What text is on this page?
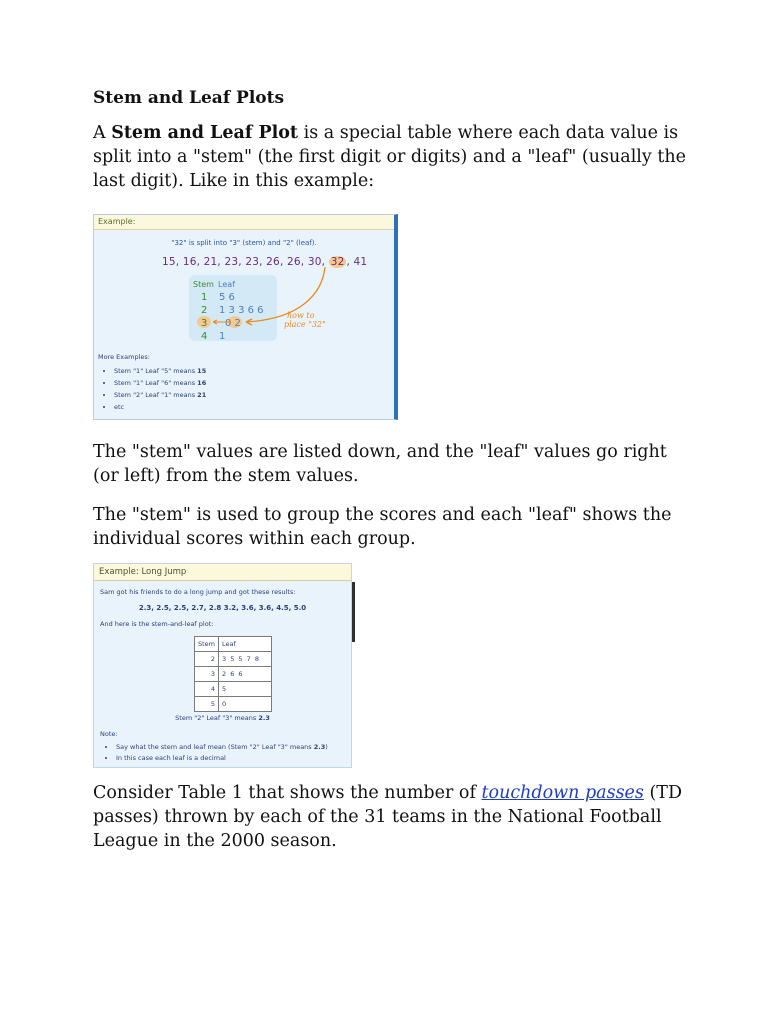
Stem and Leaf Plots

A Stem and Leaf Plot is a special table where each data value is split into a "stem" (the first digit or digits) and a "leaf" (usually the last digit). Like in this example:

Example:
"32" is split into "3" (stem) and "2" (leaf).
15, 16, 21, 23, 23, 26, 26, 30, 32 , 41
Stem Leaf
1 5 6
2 1 3 3 6 6
3 0 2
4 1
how to
place "32"
More Examples:
• Stem "1" Leaf "5" means 15
• Stem "1" Leaf "6" means 16
• Stem "2" Leaf "1" means 21
• etc

The "stem" values are listed down, and the "leaf" values go right (or left) from the stem values.

The "stem" is used to group the scores and each "leaf" shows the individual scores within each group.

Example: Long Jump
Sam got his friends to do a long jump and got these results:
2.3, 2.5, 2.5, 2.7, 2.8 3.2, 3.6, 3.6, 4.5, 5.0
And here is the stem-and-leaf plot:
Stem	Leaf
2	3 5 5 7 8
3	2 6 6
4	5
5	0
Stem "2" Leaf "3" means 2.3
Note:
• Say what the stem and leaf mean (Stem "2" Leaf "3" means 2.3)
• In this case each leaf is a decimal

Consider Table 1 that shows the number of touchdown passes (TD passes) thrown by each of the 31 teams in the National Football League in the 2000 season.
